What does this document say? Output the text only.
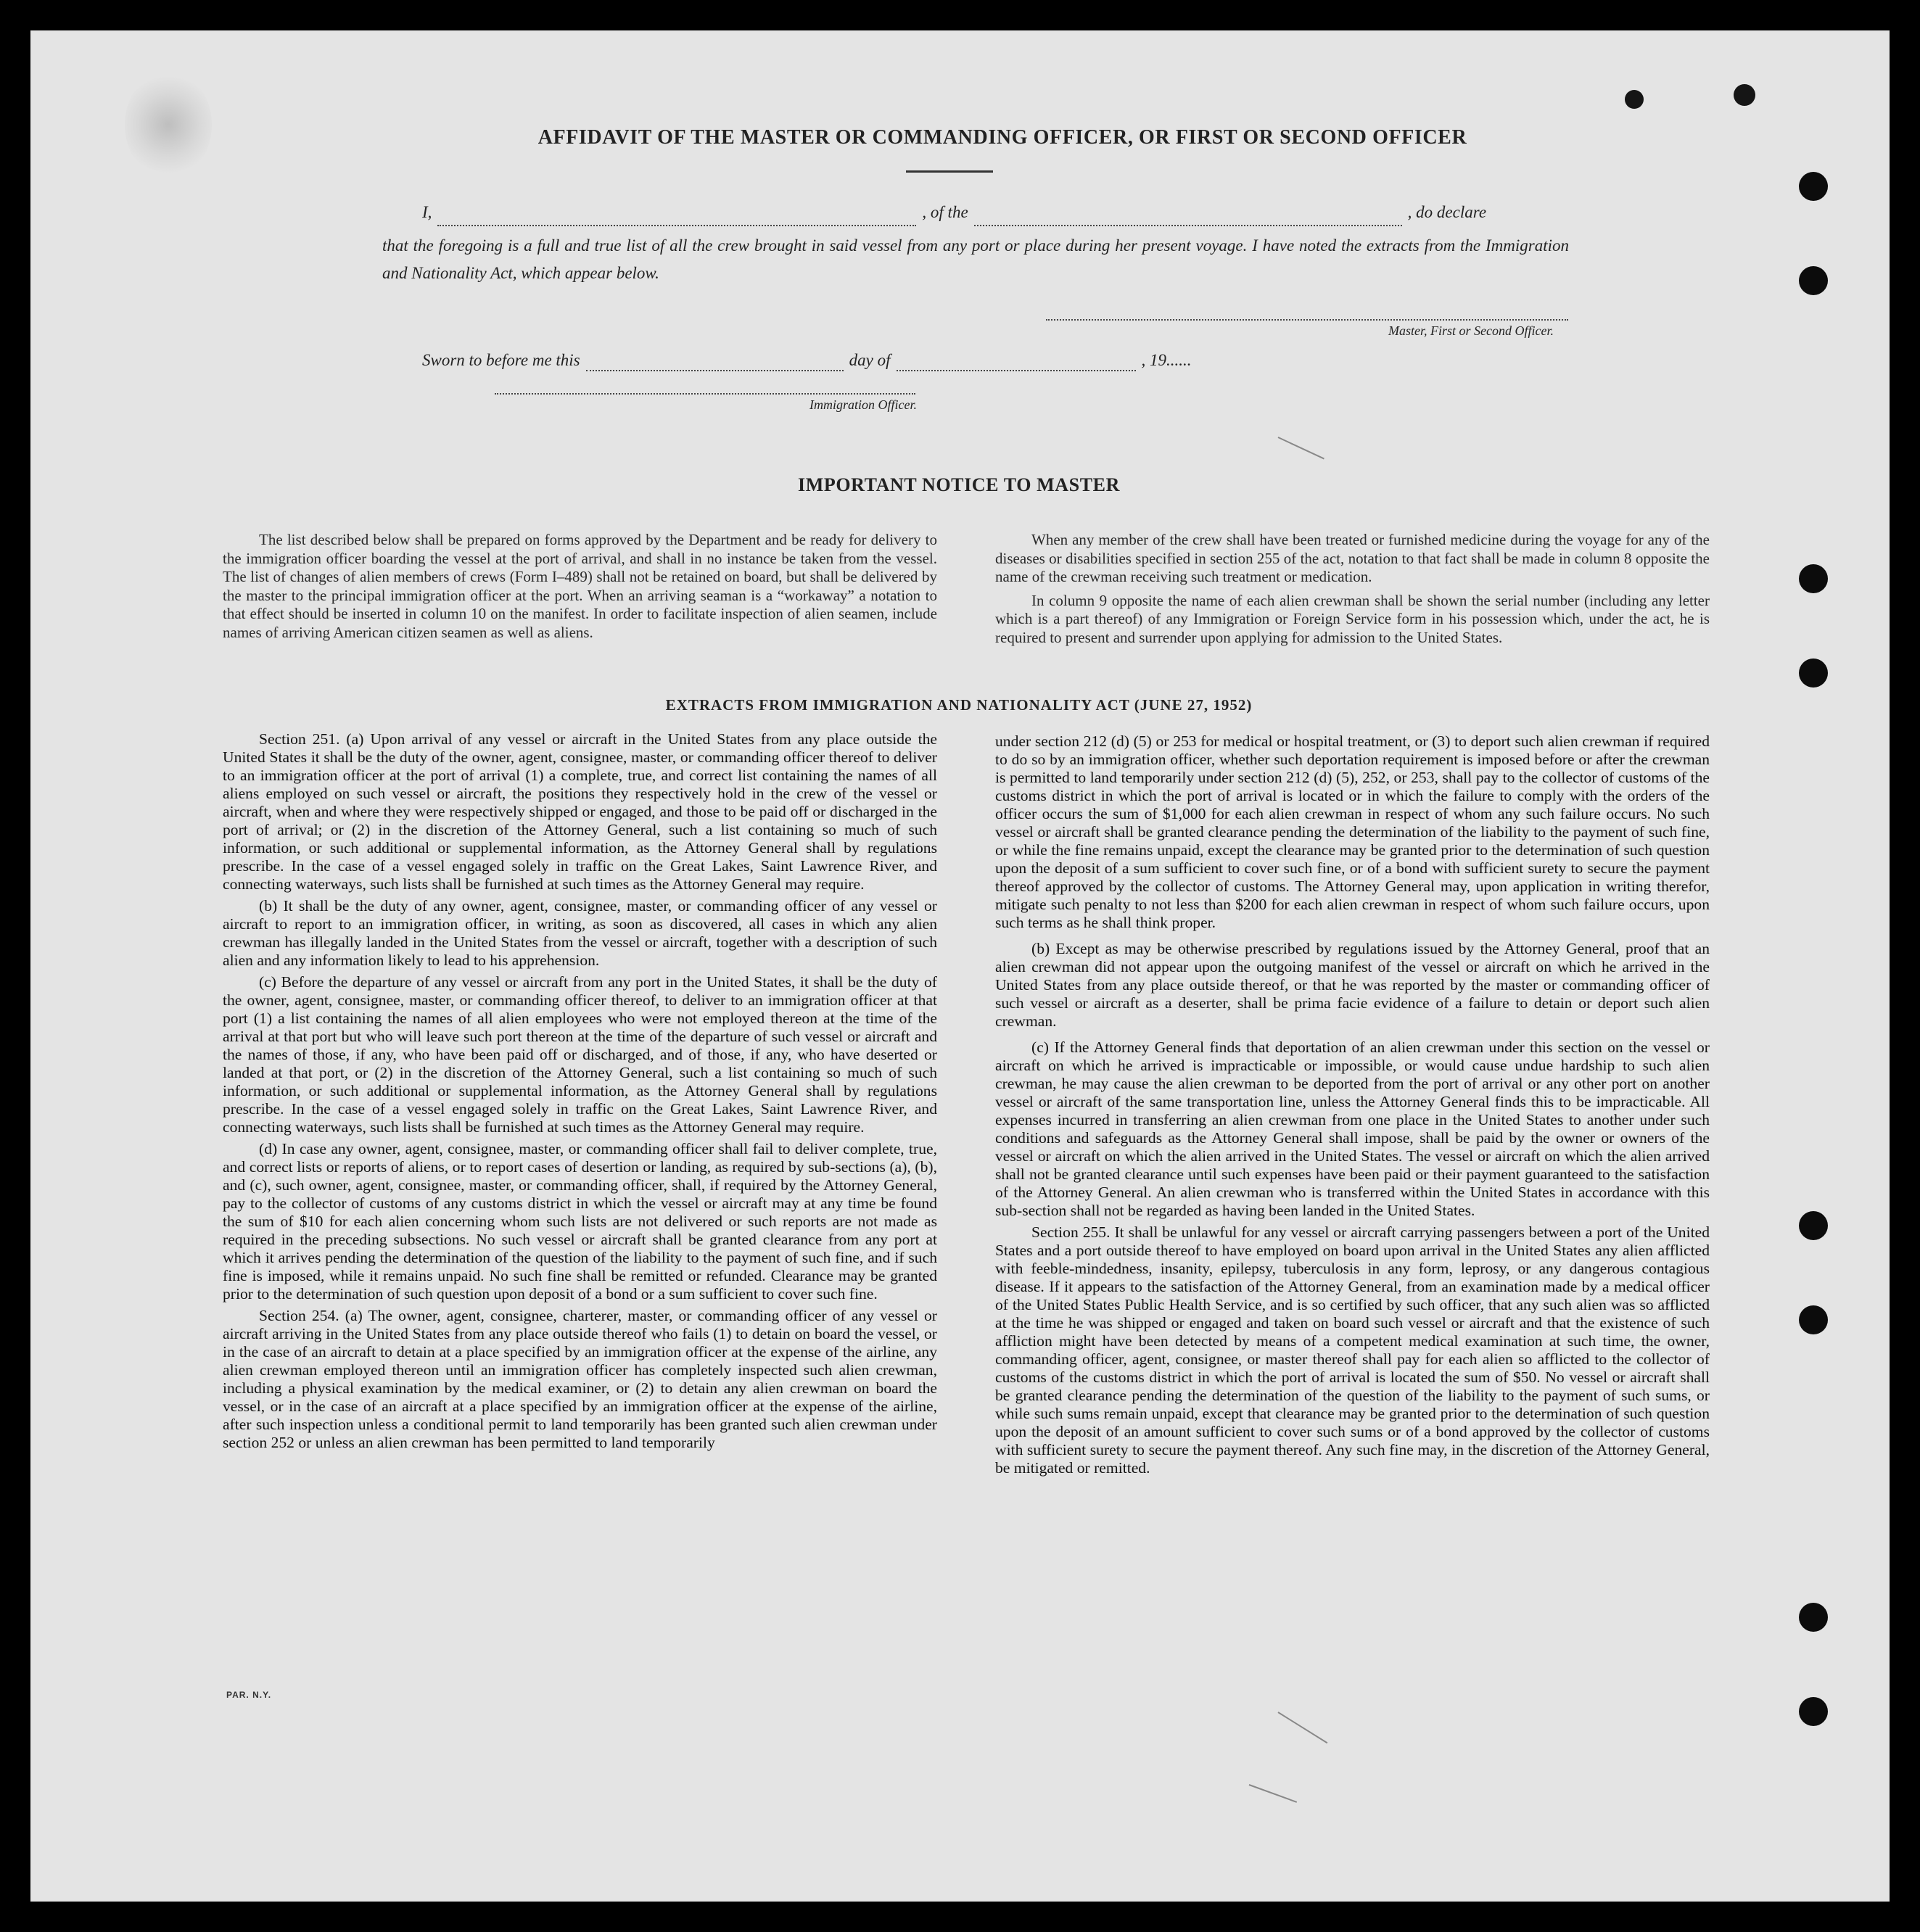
AFFIDAVIT OF THE MASTER OR COMMANDING OFFICER, OR FIRST OR SECOND OFFICER
I,	, of the	, do declare
that the foregoing is a full and true list of all the crew brought in said vessel from any port or place during her present voyage. I have noted the extracts from the Immigration and Nationality Act, which appear below.
Master, First or Second Officer.
Sworn to before me this	day of	, 19......
Immigration Officer.
IMPORTANT NOTICE TO MASTER

The list described below shall be prepared on forms approved by the Department and be ready for delivery to the immigration officer boarding the vessel at the port of arrival, and shall in no instance be taken from the vessel. The list of changes of alien members of crews (Form I–489) shall not be retained on board, but shall be delivered by the master to the principal immigration officer at the port. When an arriving seaman is a “workaway” a notation to that effect should be inserted in column 10 on the manifest. In order to facilitate inspection of alien seamen, include names of arriving American citizen seamen as well as aliens.

When any member of the crew shall have been treated or furnished medicine during the voyage for any of the diseases or disabilities specified in section 255 of the act, notation to that fact shall be made in column 8 opposite the name of the crewman receiving such treatment or medication.

In column 9 opposite the name of each alien crewman shall be shown the serial number (including any letter which is a part thereof) of any Immigration or Foreign Service form in his possession which, under the act, he is required to present and surrender upon applying for admission to the United States.

EXTRACTS FROM IMMIGRATION AND NATIONALITY ACT (JUNE 27, 1952)

Section 251. (a) Upon arrival of any vessel or aircraft in the United States from any place outside the United States it shall be the duty of the owner, agent, consignee, master, or commanding officer thereof to deliver to an immigration officer at the port of arrival (1) a complete, true, and correct list containing the names of all aliens employed on such vessel or aircraft, the positions they respectively hold in the crew of the vessel or aircraft, when and where they were respectively shipped or engaged, and those to be paid off or discharged in the port of arrival; or (2) in the discretion of the Attorney General, such a list containing so much of such information, or such additional or supplemental information, as the Attorney General shall by regulations prescribe. In the case of a vessel engaged solely in traffic on the Great Lakes, Saint Lawrence River, and connecting waterways, such lists shall be furnished at such times as the Attorney General may require.

(b) It shall be the duty of any owner, agent, consignee, master, or commanding officer of any vessel or aircraft to report to an immigration officer, in writing, as soon as discovered, all cases in which any alien crewman has illegally landed in the United States from the vessel or aircraft, together with a description of such alien and any information likely to lead to his apprehension.

(c) Before the departure of any vessel or aircraft from any port in the United States, it shall be the duty of the owner, agent, consignee, master, or commanding officer thereof, to deliver to an immigration officer at that port (1) a list containing the names of all alien employees who were not employed thereon at the time of the arrival at that port but who will leave such port thereon at the time of the departure of such vessel or aircraft and the names of those, if any, who have been paid off or discharged, and of those, if any, who have deserted or landed at that port, or (2) in the discretion of the Attorney General, such a list containing so much of such information, or such additional or supplemental information, as the Attorney General shall by regulations prescribe. In the case of a vessel engaged solely in traffic on the Great Lakes, Saint Lawrence River, and connecting waterways, such lists shall be furnished at such times as the Attorney General may require.

(d) In case any owner, agent, consignee, master, or commanding officer shall fail to deliver complete, true, and correct lists or reports of aliens, or to report cases of desertion or landing, as required by sub-sections (a), (b), and (c), such owner, agent, consignee, master, or commanding officer, shall, if required by the Attorney General, pay to the collector of customs of any customs district in which the vessel or aircraft may at any time be found the sum of $10 for each alien concerning whom such lists are not delivered or such reports are not made as required in the preceding subsections. No such vessel or aircraft shall be granted clearance from any port at which it arrives pending the determination of the question of the liability to the payment of such fine, and if such fine is imposed, while it remains unpaid. No such fine shall be remitted or refunded. Clearance may be granted prior to the determination of such question upon deposit of a bond or a sum sufficient to cover such fine.

Section 254. (a) The owner, agent, consignee, charterer, master, or commanding officer of any vessel or aircraft arriving in the United States from any place outside thereof who fails (1) to detain on board the vessel, or in the case of an aircraft to detain at a place specified by an immigration officer at the expense of the airline, any alien crewman employed thereon until an immigration officer has completely inspected such alien crewman, including a physical examination by the medical examiner, or (2) to detain any alien crewman on board the vessel, or in the case of an aircraft at a place specified by an immigration officer at the expense of the airline, after such inspection unless a conditional permit to land temporarily has been granted such alien crewman under section 252 or unless an alien crewman has been permitted to land temporarily

under section 212 (d) (5) or 253 for medical or hospital treatment, or (3) to deport such alien crewman if required to do so by an immigration officer, whether such deportation requirement is imposed before or after the crewman is permitted to land temporarily under section 212 (d) (5), 252, or 253, shall pay to the collector of customs of the customs district in which the port of arrival is located or in which the failure to comply with the orders of the officer occurs the sum of $1,000 for each alien crewman in respect of whom any such failure occurs. No such vessel or aircraft shall be granted clearance pending the determination of the liability to the payment of such fine, or while the fine remains unpaid, except the clearance may be granted prior to the determination of such question upon the deposit of a sum sufficient to cover such fine, or of a bond with sufficient surety to secure the payment thereof approved by the collector of customs. The Attorney General may, upon application in writing therefor, mitigate such penalty to not less than $200 for each alien crewman in respect of whom such failure occurs, upon such terms as he shall think proper.

(b) Except as may be otherwise prescribed by regulations issued by the Attorney General, proof that an alien crewman did not appear upon the outgoing manifest of the vessel or aircraft on which he arrived in the United States from any place outside thereof, or that he was reported by the master or commanding officer of such vessel or aircraft as a deserter, shall be prima facie evidence of a failure to detain or deport such alien crewman.

(c) If the Attorney General finds that deportation of an alien crewman under this section on the vessel or aircraft on which he arrived is impracticable or impossible, or would cause undue hardship to such alien crewman, he may cause the alien crewman to be deported from the port of arrival or any other port on another vessel or aircraft of the same transportation line, unless the Attorney General finds this to be impracticable. All expenses incurred in transferring an alien crewman from one place in the United States to another under such conditions and safeguards as the Attorney General shall impose, shall be paid by the owner or owners of the vessel or aircraft on which the alien arrived in the United States. The vessel or aircraft on which the alien arrived shall not be granted clearance until such expenses have been paid or their payment guaranteed to the satisfaction of the Attorney General. An alien crewman who is transferred within the United States in accordance with this sub-section shall not be regarded as having been landed in the United States.

Section 255. It shall be unlawful for any vessel or aircraft carrying passengers between a port of the United States and a port outside thereof to have employed on board upon arrival in the United States any alien afflicted with feeble-mindedness, insanity, epilepsy, tuberculosis in any form, leprosy, or any dangerous contagious disease. If it appears to the satisfaction of the Attorney General, from an examination made by a medical officer of the United States Public Health Service, and is so certified by such officer, that any such alien was so afflicted at the time he was shipped or engaged and taken on board such vessel or aircraft and that the existence of such affliction might have been detected by means of a competent medical examination at such time, the owner, commanding officer, agent, consignee, or master thereof shall pay for each alien so afflicted to the collector of customs of the customs district in which the port of arrival is located the sum of $50. No vessel or aircraft shall be granted clearance pending the determination of the question of the liability to the payment of such sums, or while such sums remain unpaid, except that clearance may be granted prior to the determination of such question upon the deposit of an amount sufficient to cover such sums or of a bond approved by the collector of customs with sufficient surety to secure the payment thereof. Any such fine may, in the discretion of the Attorney General, be mitigated or remitted.

PAR. N.Y.
